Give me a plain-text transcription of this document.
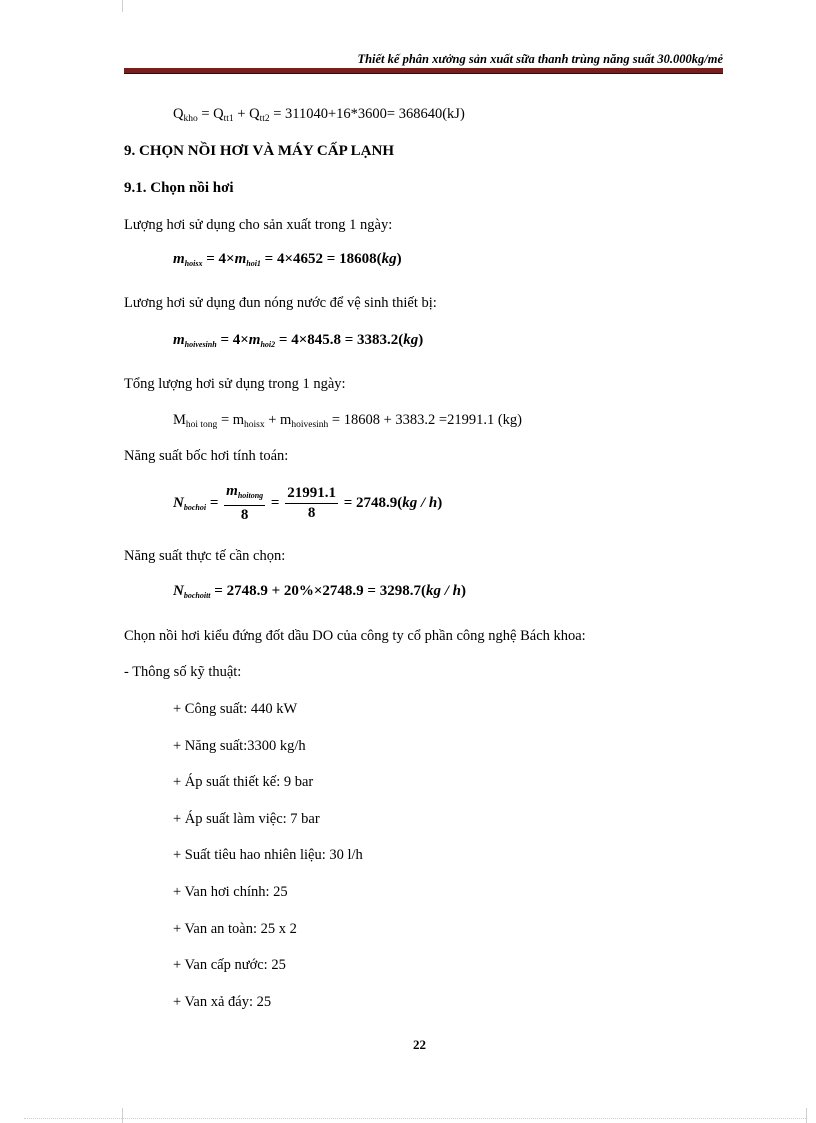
Thiết kế phân xưởng sản xuất sữa thanh trùng năng suất 30.000kg/mẻ
$Q_{kho} = Q_{tt1} + Q_{tt2} = 311040+16*3600= 368640(kJ)$
9. CHỌN NỒI HƠI VÀ MÁY CẤP LẠNH
9.1. Chọn nồi hơi
Lượng hơi sử dụng cho sản xuất trong 1 ngày:
$m_{hoisx} = 4\times m_{hoi1} = 4\times 4652 = 18608(kg)$
Lương hơi sử dụng đun nóng nước để vệ sinh thiết bị:
$m_{hoivesinh} = 4\times m_{hoi2} = 4\times 845.8 = 3383.2(kg)$
Tổng lượng hơi sử dụng trong 1 ngày:
$M_{hoi tong} = m_{hoisx} + m_{hoivesinh} = 18608 + 3383.2 =21991.1$ (kg)
Năng suất bốc hơi tính toán:
$N_{bochoi} = \frac{m_{hoitong}}{8} = \frac{21991.1}{8} = 2748.9(kg / h)$
Năng suất thực tế cần chọn:
$N_{bochoitt} = 2748.9 + 20\%\times 2748.9 = 3298.7(kg / h)$
Chọn nồi hơi kiểu đứng đốt dầu DO của công ty cổ phần công nghệ Bách khoa:
- Thông số kỹ thuật:
+ Công suất: 440 kW
+ Năng suất:3300 kg/h
+ Áp suất thiết kế: 9 bar
+ Áp suất làm việc: 7 bar
+ Suất tiêu hao nhiên liệu: 30 l/h
+ Van hơi chính: 25
+ Van an toàn: 25 x 2
+ Van cấp nước: 25
+ Van xả đáy: 25
22
